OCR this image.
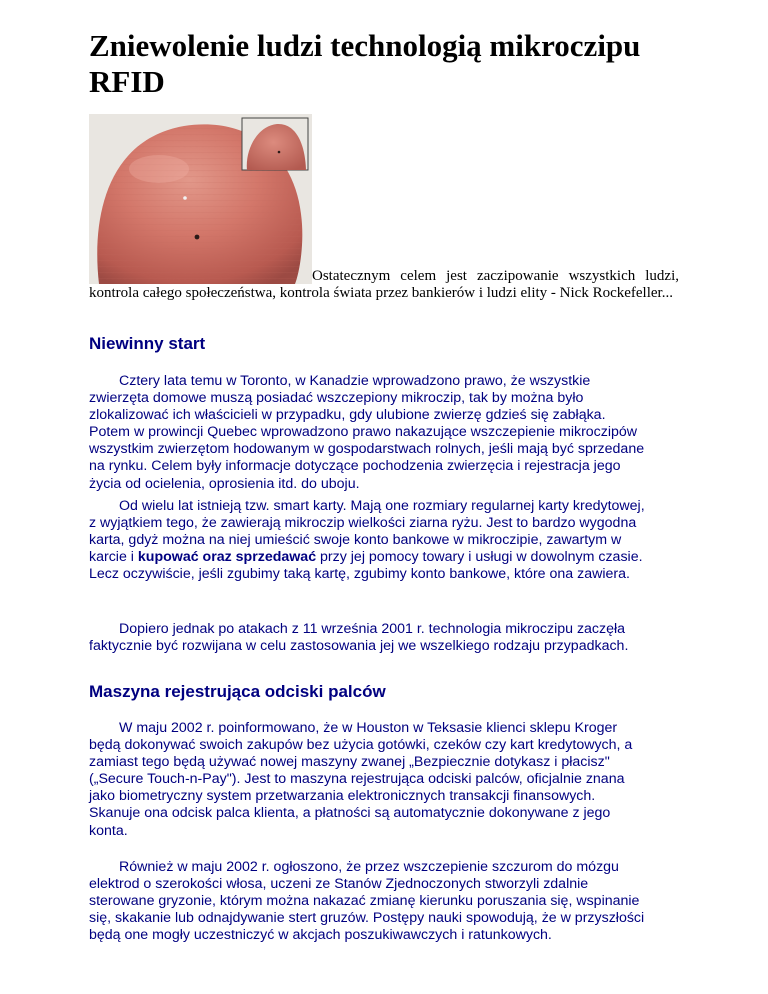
Zniewolenie ludzi technologią mikroczipu RFID

Ostatecznym celem jest zaczipowanie wszystkich ludzi, kontrola całego społeczeństwa, kontrola świata przez bankierów i ludzi elity - Nick Rockefeller...

Niewinny start

Cztery lata temu w Toronto, w Kanadzie wprowadzono prawo, że wszystkie zwierzęta domowe muszą posiadać wszczepiony mikroczip, tak by można było zlokalizować ich właścicieli w przypadku, gdy ulubione zwierzę gdzieś się zabłąka. Potem w prowincji Quebec wprowadzono prawo nakazujące wszczepienie mikroczipów wszystkim zwierzętom hodowanym w gospodarstwach rolnych, jeśli mają być sprzedane na rynku. Celem były informacje dotyczące pochodzenia zwierzęcia i rejestracja jego życia od ocielenia, oprosienia itd. do uboju.

Od wielu lat istnieją tzw. smart karty. Mają one rozmiary regularnej karty kredytowej, z wyjątkiem tego, że zawierają mikroczip wielkości ziarna ryżu. Jest to bardzo wygodna karta, gdyż można na niej umieścić swoje konto bankowe w mikroczipie, zawartym w karcie i kupować oraz sprzedawać przy jej pomocy towary i usługi w dowolnym czasie. Lecz oczywiście, jeśli zgubimy taką kartę, zgubimy konto bankowe, które ona zawiera.

Dopiero jednak po atakach z 11 września 2001 r. technologia mikroczipu zaczęła faktycznie być rozwijana w celu zastosowania jej we wszelkiego rodzaju przypadkach.

Maszyna rejestrująca odciski palców

W maju 2002 r. poinformowano, że w Houston w Teksasie klienci sklepu Kroger będą dokonywać swoich zakupów bez użycia gotówki, czeków czy kart kredytowych, a zamiast tego będą używać nowej maszyny zwanej „Bezpiecznie dotykasz i płacisz" („Secure Touch-n-Pay"). Jest to maszyna rejestrująca odciski palców, oficjalnie znana jako biometryczny system przetwarzania elektronicznych transakcji finansowych. Skanuje ona odcisk palca klienta, a płatności są automatycznie dokonywane z jego konta.

Również w maju 2002 r. ogłoszono, że przez wszczepienie szczurom do mózgu elektrod o szerokości włosa, uczeni ze Stanów Zjednoczonych stworzyli zdalnie sterowane gryzonie, którym można nakazać zmianę kierunku poruszania się, wspinanie się, skakanie lub odnajdywanie stert gruzów. Postępy nauki spowodują, że w przyszłości będą one mogły uczestniczyć w akcjach poszukiwawczych i ratunkowych.
